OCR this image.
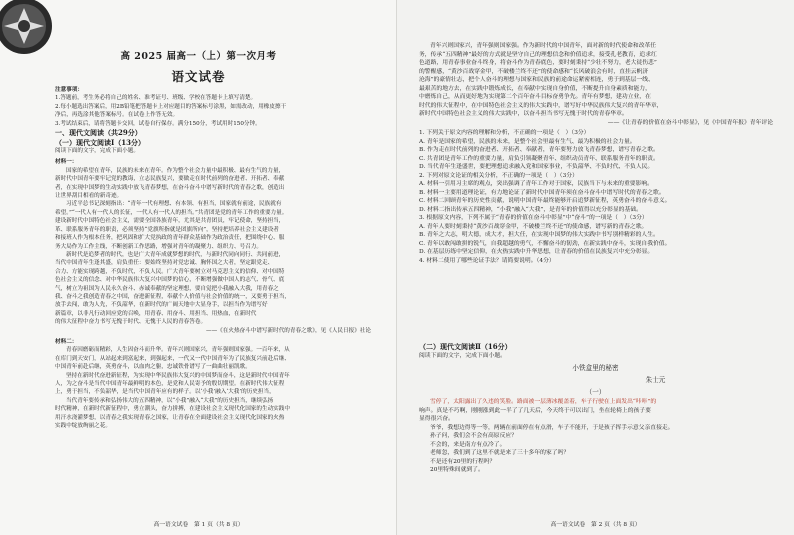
高 2025 届高一（上）第一次月考
语文试卷
注意事项：
1.答题前，考生务必将自己的姓名、准考证号、班级、学校在答题卡上填写清楚。
2.每小题选出答案后，用2B铅笔把答题卡上对应题目的答案标号涂黑，如需改动，用橡皮擦干
净后，再选涂其他答案标号。在试卷上作答无效。
3.考试结束后，请将答题卡交回，试卷自行保存。满分150分，考试用时150分钟。
一、现代文阅读（共29分）
（一）现代文阅读Ⅰ（13分）
阅读下面的文字，完成下面小题。
材料一：
国家的希望在青年，民族的未来在青年。作为整个社会力量中最积极、最有生气的力量，
新时代中国青年要牢记党的教诲，立志民族复兴，要做走在时代前列的奋进者、开拓者、奉献
者，在实现中国梦的生动实践中放飞青春梦想，在奋斗奋斗中谱写新时代的青春之歌，创造出
让世界刮目相看的新奇迹。
习近平总书记深刻指出：“青年一代有理想、有本领、有担当，国家就有前途，民族就有
希望。”“一代人有一代人的长征，一代人有一代人的担当。”共青团是党的青年工作的重要力量。
建设新时代中国特色社会主义，需要全国各族青年，尤其是共青团员，牢记使命，坚持担当，
革、联系服务青年的职责，必须坚持“党旗所指就是团旗所向”，坚持把培养社会主义建设者
和接班人作为根本任务，把巩固和扩大党执政的青年群众基础作为政治责任，把围绕中心、服
务大局作为工作主线，不断创新工作思路，增强对青年的凝聚力、组织力、号召力。
新时代是追梦者的时代，也是广大青年成就梦想的时代，与新时代同向同行、共同前进，
当代中国青年生逢其盛，肩负重任：要始终坚持对党忠诚、胸怀国之大者，坚定跟党走、
合力、方能实现跨越，不负时代，不负人民。广大青年要树立对马克思主义的信仰、对中国特
色社会主义的信念、对中华民族伟大复兴中国梦的信心，不断增强做中国人的志气、骨气、底
气，树立为祖国为人民永久奋斗、赤诚奉献的坚定理想，要自觉把小我融入大我，用青春之
我、奋斗之我创造青春之中国，奋进新征程，奉献个人价值与社会价值的统一，又要勇于担当，
放手去闯，敢为人先，不负韶华，在新时代的广阔天地中大显身手，以担当作为谱写好
新篇章，以非凡行动回应党的召唤，用青春、用奋斗、用担当、用热血，在新时代
的伟大征程中奋力书写无愧于时代、无愧于人民的青春答卷。
——《在火热奋斗中谱写新时代的青春之歌》，见《人民日报》社论
材料二：
青春因磨砺而精彩，人生因奋斗而升华。青年兴则国家兴，青年强则国家强。一百年来，从
在库门到天安门，从站起来到富起来，到强起来，一代又一代中国青年为了民族复兴前赴后继、
中国青年前赴后继，英勇奋斗，以血肉之躯，忠诚铁骨谱写了一曲曲壮丽凯歌。
坚持在新时代奋进新征程，为实现中华民族伟大复兴的中国梦而奋斗，这是新时代中国青年
人，为之奋斗是当代中国青年最鲜明的本色，是党和人民寄予的殷切期望。在新时代伟大征程
上，勇于担当，不负韶华，是当代中国青年应有的样子。以‘小我’融入‘大我’的历史担当，
当代青年要传承和弘扬伟大的五四精神，以“小我”融入“大我”的历史担当，继续弘扬
时代精神，在新时代新征程中，勇立潮头，奋力拼搏，在建设社会主义现代化国家的生动实践中
用汗水浇灌梦想，以青春之我实现青春之国家，让青春在全面建设社会主义现代化国家的火热
实践中绽放绚丽之花。
高一语文试卷　第 1 页（共 8 页）
青年兴则国家兴，青年强则国家强。作为新时代的中国青年，面对新的时代使命和改革任
务，传承“五四精神”最好的方式就是坚守自己的理想信念和价值追求，接受孔老教育，追求红
色道路，用青春事业奋斗终身，将奋斗作为青春底色，要时刻秉持“少壮不努力，老大徒伤悲”
的警醒感，“黄沙百战穿金甲，不破楼兰终不还”的使命感和“长风破浪会有时，直挂云帆济
沧海”的豪情壮志，把个人奋斗的理想与国家和民族的前途命运紧密相连，勇于到基层一线、
最艰苦的地方去，在实践中锻炼成长，在奉献中实现自身价值，不断提升自身素质和能力，
中磨炼自己，从而更好地为实现第二个百年奋斗目标奋勇争先。青年有梦想，建功立业，在
时代的伟大征程中，在中国特色社会主义的伟大实践中，谱写好中华民族伟大复兴的青年华章，
新时代中国特色社会主义的伟大实践中，以奋斗担当书写无愧于时代的青春华章。
——《让青春的价值在奋斗中彰显》，见《中国青年报》青年评论
1. 下列关于原文内容的理解和分析，不正确的一项是（　）（3分）
A. 青年是国家的希望，民族的未来，是整个社会里最有生气、最为积极的社会力量。
B. 作为走在时代前列的奋进者、开拓者、奉献者，青年要努力放飞青春梦想，谱写青春之歌。
C. 共青团是青年工作的重要力量，肩负引领凝聚青年、组织动员青年、联系服务青年的职责。
D. 当代青年生逢盛世，要把理想追求融入党和国家事业，不负韶华、不负时代、不负人民。
2. 下列对原文论证的相关分析，不正确的一项是（　）（3分）
A. 材料一引用习主席的观点，突出强调了青年工作对于国家，民族当下与未来的重要影响。
B. 材料一主要用道理论证，有力地论证了新时代中国青年须在奋斗奋斗中谱写时代的青春之歌。
C. 材料二回顾青年的历史性贡献，说明中国青年最终能够开启追梦新征程，英勇奋斗的奋斗意义。
D. 材料二指出传承五四精神，“小我”融入“大我”，是青年的价值得以充分彰显的基础。
3. 根据原文内容，下列不属于“青春的价值在奋斗中彰显”中“奋斗”的一项是（　）（3分）
A. 青年人要时刻秉持“黄沙百战穿金甲，不破楼兰终不还”的使命感，谱写新的青春之歌。
B. 青年之大志，明大德，成大才，担大任，在实现中国梦的伟大实践中书写别样精彩的人生。
C. 青年以敢闯敢拼的锐气，自我超越的勇气，不懈奋斗的韧劲，在新实践中奋斗，实现自我价值。
D. 在基层历练中坚定信仰，在火热实践中升华思想，让青春的价值在民族复兴中充分彰显。
4. 材料二使用了哪些论证手法？请简要说明。（4分）
（二）现代文阅读Ⅱ（16分）
阅读下面的文字，完成下面小题。
小铁盒里的秘密
朱士元
（一）
雪停了，太阳露出了久违的笑脸。路面被一层薄冰覆盖着，车子行驶在上面发出“咔咔”的
响声。真是不巧啊，刚刚涨到此一半了了几天后，今天终于可以出门，坐在轮椅上的孩子要
显得很兴奋。
爷爷，我想边得等一等，两辆在前面停在有点滑，车子不能开，于是孩子挥手示意父亲直接走。
孙子问，我们会不会有高原反应？
不会的，来是南方有点冷了。
老师忽，我们到了这里不就是来了三十多年的家了吗？
不是还有20里的行程吗？
20里特殊间就到了。
高一语文试卷　第 2 页（共 8 页）
